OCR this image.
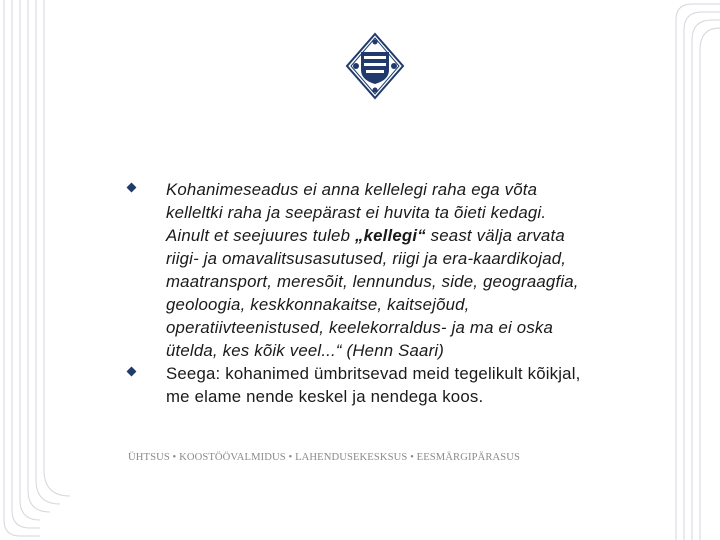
Kohanimeseadus ei anna kellelegi raha ega võta
kelleltki raha ja seepärast ei huvita ta õieti kedagi.
Ainult et seejuures tuleb „kellegi“ seast välja arvata
riigi- ja omavalitsusasutused, riigi ja era-kaardikojad,
maatransport, meresõit, lennundus, side, geograagfia,
geoloogia, keskkonnakaitse, kaitsejõud,
operatiivteenistused, keelekorraldus- ja ma ei oska
ütelda, kes kõik veel...“ (Henn Saari)
Seega: kohanimed ümbritsevad meid tegelikult kõikjal,
me elame nende keskel ja nendega koos.
ÜHTSUS • KOOSTÖÖVALMIDUS • LAHENDUSEKESKSUS • EESMÄRGIPÄRASUS
